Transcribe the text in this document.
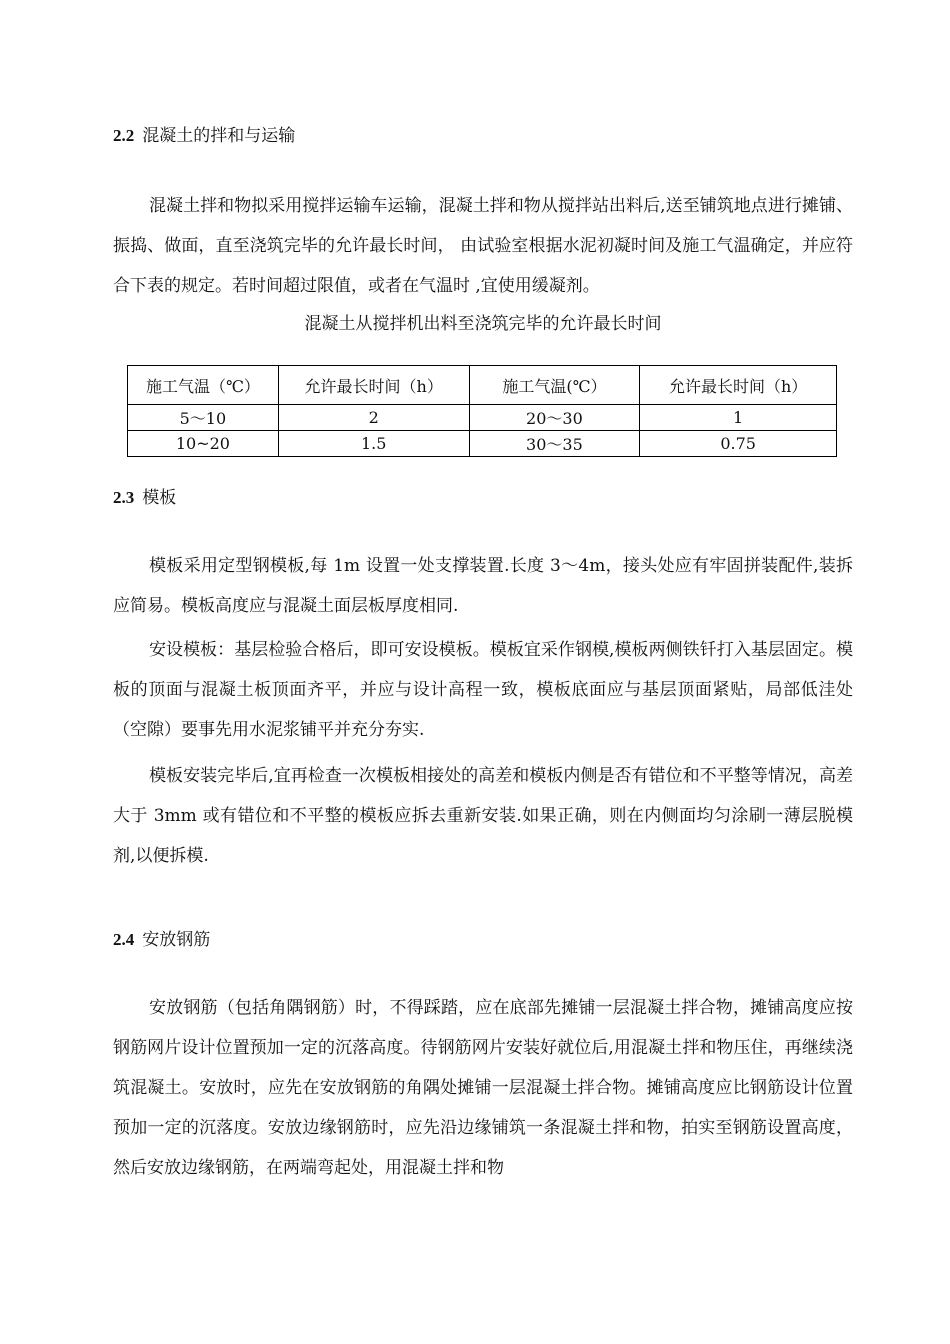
2.2 混凝土的拌和与运输

混凝土拌和物拟采用搅拌运输车运输，混凝土拌和物从搅拌站出料后,送至铺筑地点进行摊铺、振捣、做面，直至浇筑完毕的允许最长时间， 由试验室根据水泥初凝时间及施工气温确定，并应符合下表的规定。若时间超过限值，或者在气温时 ,宜使用缓凝剂。

混凝土从搅拌机出料至浇筑完毕的允许最长时间
施工气温（℃）	允许最长时间（h）	施工气温(℃）	允许最长时间（h）
5～10	2	20～30	1
10~20	1.5	30～35	0.75
2.3 模板

模板采用定型钢模板,每 1m 设置一处支撑装置.长度 3～4m，接头处应有牢固拼装配件,装拆应简易。模板高度应与混凝土面层板厚度相同.

安设模板：基层检验合格后，即可安设模板。模板宜采作钢模,模板两侧铁钎打入基层固定。模板的顶面与混凝土板顶面齐平，并应与设计高程一致，模板底面应与基层顶面紧贴，局部低洼处（空隙）要事先用水泥浆铺平并充分夯实.

模板安装完毕后,宜再检查一次模板相接处的高差和模板内侧是否有错位和不平整等情况，高差大于 3mm 或有错位和不平整的模板应拆去重新安装.如果正确，则在内侧面均匀涂刷一薄层脱模剂,以便拆模.

2.4 安放钢筋

安放钢筋（包括角隅钢筋）时，不得踩踏，应在底部先摊铺一层混凝土拌合物，摊铺高度应按钢筋网片设计位置预加一定的沉落高度。待钢筋网片安装好就位后,用混凝土拌和物压住，再继续浇筑混凝土。安放时，应先在安放钢筋的角隅处摊铺一层混凝土拌合物。摊铺高度应比钢筋设计位置预加一定的沉落度。安放边缘钢筋时，应先沿边缘铺筑一条混凝土拌和物，拍实至钢筋设置高度，然后安放边缘钢筋，在两端弯起处，用混凝土拌和物
